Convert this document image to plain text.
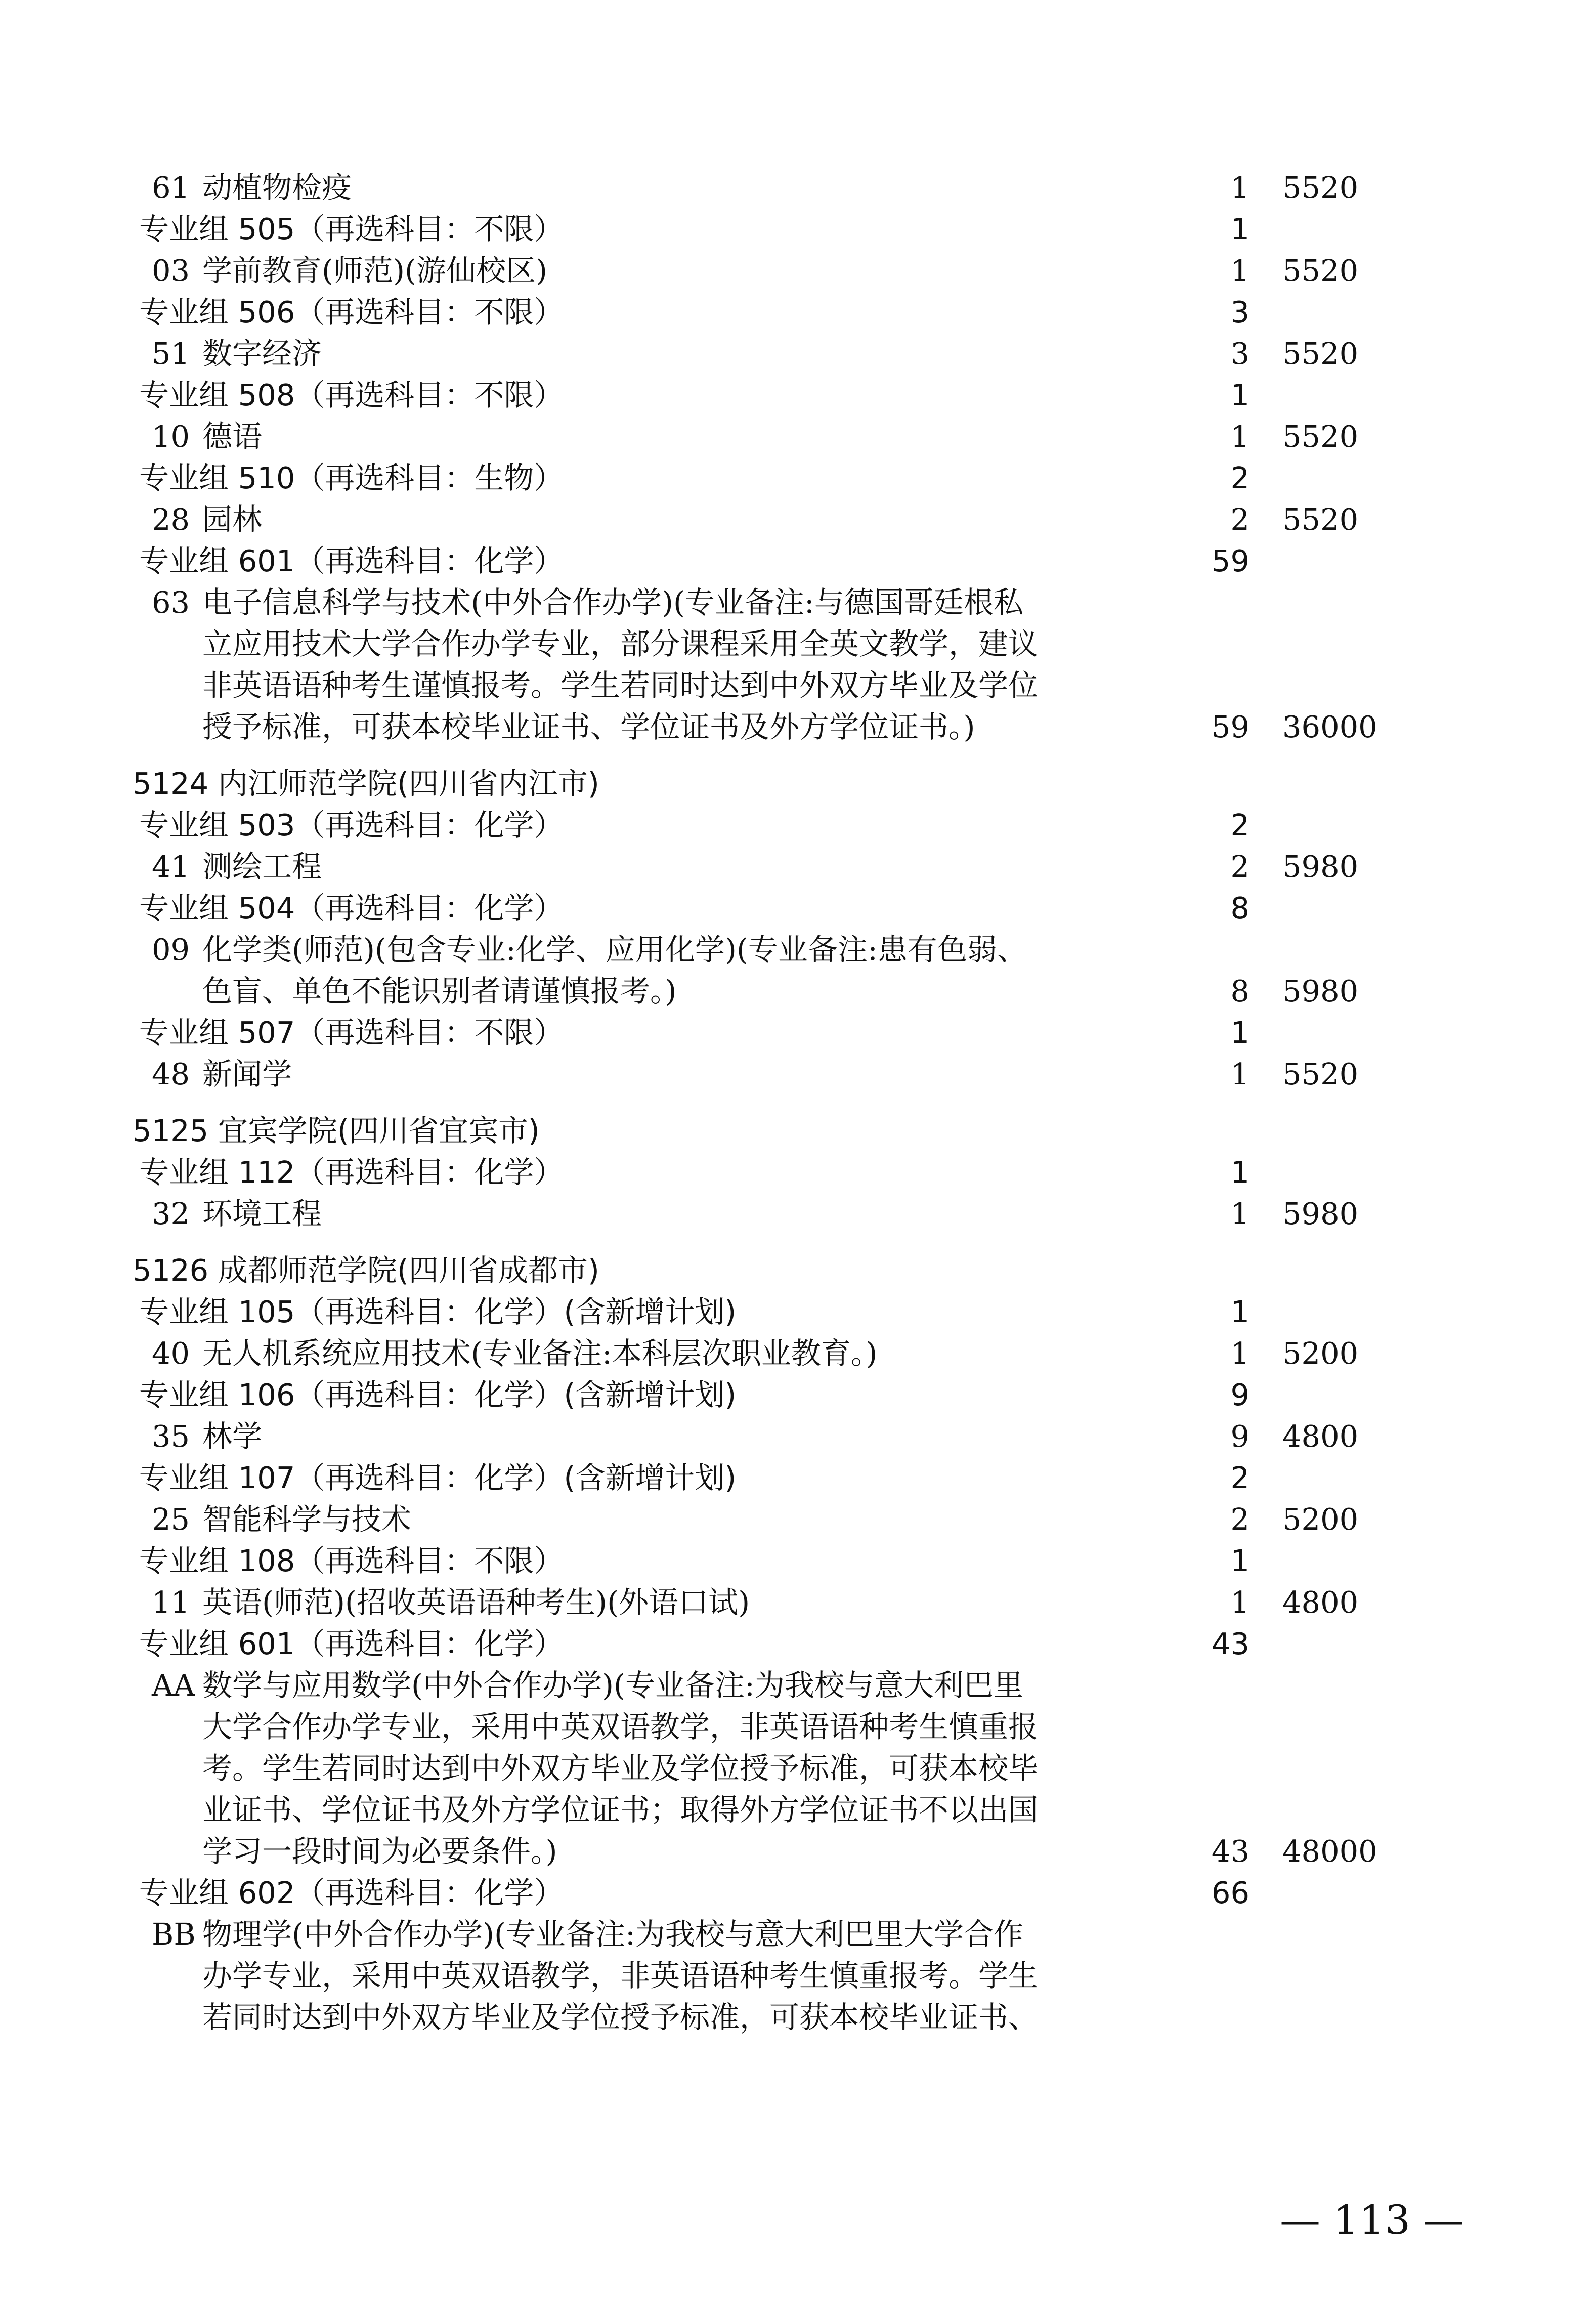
61 动植物检疫	1 5520
专业组 505（再选科目：不限）	1
03 学前教育(师范)(游仙校区)	1 5520
专业组 506（再选科目：不限）	3
51 数字经济	3 5520
专业组 508（再选科目：不限）	1
10 德语	1 5520
专业组 510（再选科目：生物）	2
28 园林	2 5520
专业组 601（再选科目：化学）	59
63 电子信息科学与技术(中外合作办学)(专业备注:与德国哥廷根私
立应用技术大学合作办学专业，部分课程采用全英文教学，建议
非英语语种考生谨慎报考。学生若同时达到中外双方毕业及学位
授予标准，可获本校毕业证书、学位证书及外方学位证书。)	59 36000
5124 内江师范学院(四川省内江市)
专业组 503（再选科目：化学）	2
41 测绘工程	2 5980
专业组 504（再选科目：化学）	8
09 化学类(师范)(包含专业:化学、应用化学)(专业备注:患有色弱、
色盲、单色不能识别者请谨慎报考。)	8 5980
专业组 507（再选科目：不限）	1
48 新闻学	1 5520
5125 宜宾学院(四川省宜宾市)
专业组 112（再选科目：化学）	1
32 环境工程	1 5980
5126 成都师范学院(四川省成都市)
专业组 105（再选科目：化学）(含新增计划)	1
40 无人机系统应用技术(专业备注:本科层次职业教育。)	1 5200
专业组 106（再选科目：化学）(含新增计划)	9
35 林学	9 4800
专业组 107（再选科目：化学）(含新增计划)	2
25 智能科学与技术	2 5200
专业组 108（再选科目：不限）	1
11 英语(师范)(招收英语语种考生)(外语口试)	1 4800
专业组 601（再选科目：化学）	43
AA 数学与应用数学(中外合作办学)(专业备注:为我校与意大利巴里
大学合作办学专业，采用中英双语教学，非英语语种考生慎重报
考。学生若同时达到中外双方毕业及学位授予标准，可获本校毕
业证书、学位证书及外方学位证书；取得外方学位证书不以出国
学习一段时间为必要条件。)	43 48000
专业组 602（再选科目：化学）	66
BB 物理学(中外合作办学)(专业备注:为我校与意大利巴里大学合作
办学专业，采用中英双语教学，非英语语种考生慎重报考。学生
若同时达到中外双方毕业及学位授予标准，可获本校毕业证书、
— 113 —
